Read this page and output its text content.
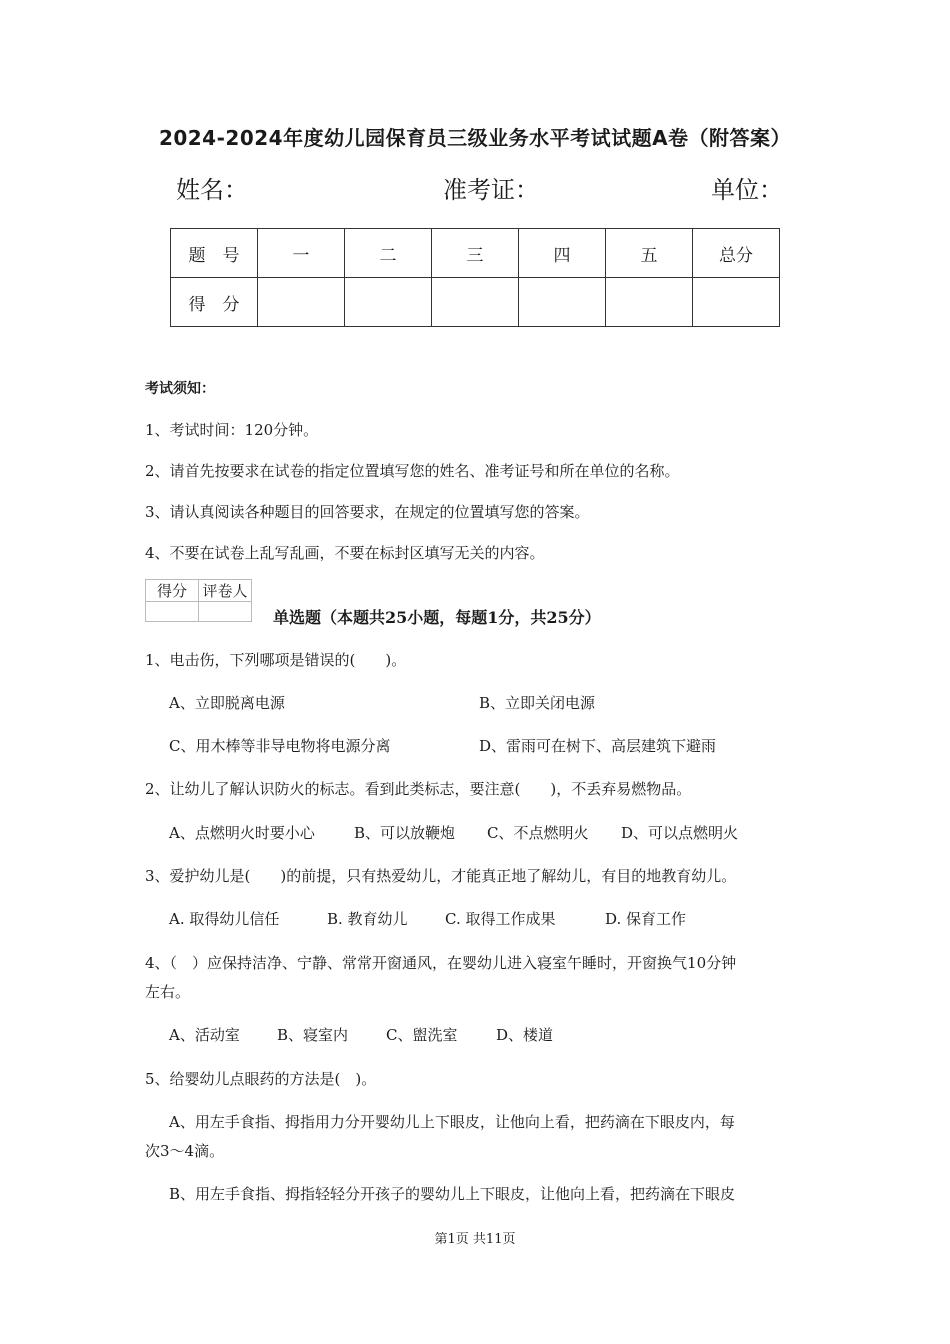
2024-2024年度幼儿园保育员三级业务水平考试试题A卷（附答案）
姓名：	准考证：	单位：
题　号	一	二	三	四	五	总分
得　分						
考试须知：
1、考试时间：120分钟。
2、请首先按要求在试卷的指定位置填写您的姓名、准考证号和所在单位的名称。
3、请认真阅读各种题目的回答要求，在规定的位置填写您的答案。
4、不要在试卷上乱写乱画，不要在标封区填写无关的内容。
得分	评卷人

单选题（本题共25小题，每题1分，共25分）
1、电击伤，下列哪项是错误的(　　)。
A、立即脱离电源	B、立即关闭电源
C、用木棒等非导电物将电源分离	D、雷雨可在树下、高层建筑下避雨
2、让幼儿了解认识防火的标志。看到此类标志，要注意(　　)，不丢弃易燃物品。
A、点燃明火时要小心	B、可以放鞭炮 C、不点燃明火 D、可以点燃明火
3、爱护幼儿是(　　)的前提，只有热爱幼儿，才能真正地了解幼儿，有目的地教育幼儿。
A. 取得幼儿信任	B. 教育幼儿 C. 取得工作成果	D. 保育工作
4、（　）应保持洁净、宁静、常常开窗通风，在婴幼儿进入寝室午睡时，开窗换气10分钟
左右。
A、活动室 B、寝室内	C、盥洗室	D、楼道
5、给婴幼儿点眼药的方法是(　)。
A、用左手食指、拇指用力分开婴幼儿上下眼皮，让他向上看，把药滴在下眼皮内，每
次3～4滴。
B、用左手食指、拇指轻轻分开孩子的婴幼儿上下眼皮，让他向上看，把药滴在下眼皮
第1页 共11页
